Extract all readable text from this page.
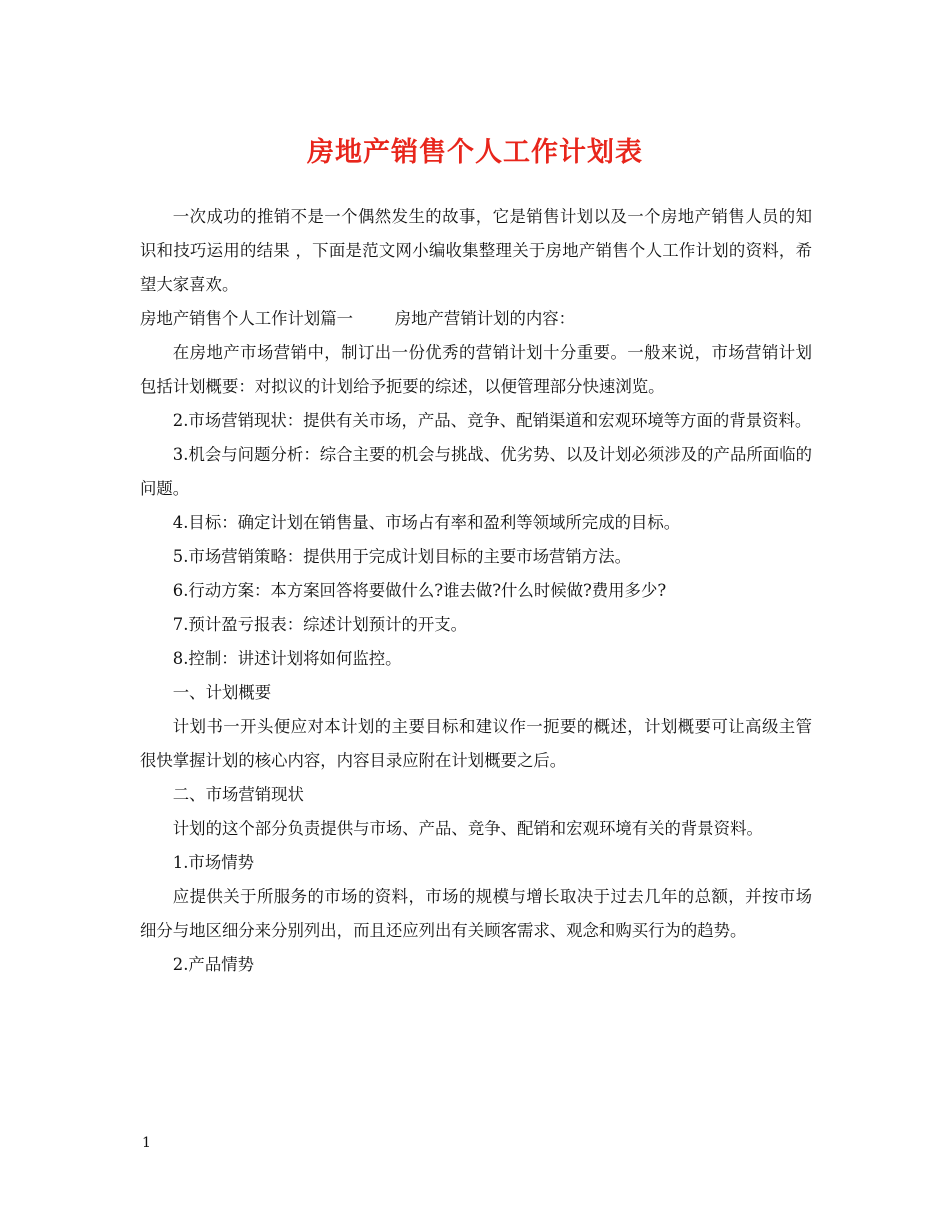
房地产销售个人工作计划表

一次成功的推销不是一个偶然发生的故事，它是销售计划以及一个房地产销售人员的知识和技巧运用的结果 ，下面是范文网小编收集整理关于房地产销售个人工作计划的资料，希望大家喜欢。

房地产销售个人工作计划篇一        房地产营销计划的内容：

在房地产市场营销中，制订出一份优秀的营销计划十分重要。一般来说，市场营销计划包括计划概要：对拟议的计划给予扼要的综述，以便管理部分快速浏览。

2.市场营销现状：提供有关市场，产品、竞争、配销渠道和宏观环境等方面的背景资料。

3.机会与问题分析：综合主要的机会与挑战、优劣势、以及计划必须涉及的产品所面临的问题。

4.目标：确定计划在销售量、市场占有率和盈利等领域所完成的目标。

5.市场营销策略：提供用于完成计划目标的主要市场营销方法。

6.行动方案：本方案回答将要做什么?谁去做?什么时候做?费用多少?

7.预计盈亏报表：综述计划预计的开支。

8.控制：讲述计划将如何监控。

一、计划概要

计划书一开头便应对本计划的主要目标和建议作一扼要的概述，计划概要可让高级主管很快掌握计划的核心内容，内容目录应附在计划概要之后。

二、市场营销现状

计划的这个部分负责提供与市场、产品、竞争、配销和宏观环境有关的背景资料。

1.市场情势

应提供关于所服务的市场的资料，市场的规模与增长取决于过去几年的总额，并按市场细分与地区细分来分别列出，而且还应列出有关顾客需求、观念和购买行为的趋势。

2.产品情势

1
